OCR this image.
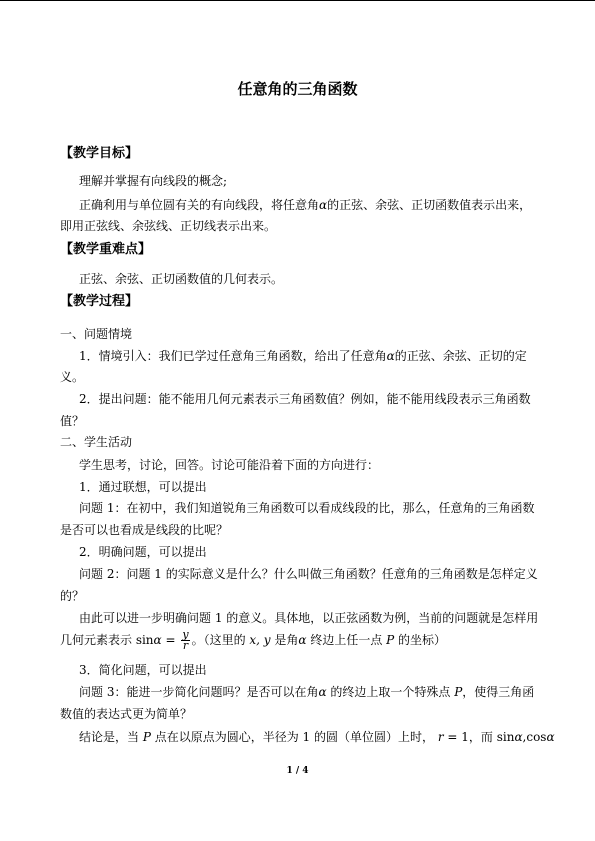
任意角的三角函数
【教学目标】
理解并掌握有向线段的概念;
正确利用与单位圆有关的有向线段，将任意角α的正弦、余弦、正切函数值表示出来，
即用正弦线、余弦线、正切线表示出来。
【教学重难点】
正弦、余弦、正切函数值的几何表示。
【教学过程】
一、问题情境
1．情境引入：我们已学过任意角三角函数，给出了任意角α的正弦、余弦、正切的定
义。
2．提出问题：能不能用几何元素表示三角函数值？例如，能不能用线段表示三角函数
值？
二、学生活动
学生思考，讨论，回答。讨论可能沿着下面的方向进行：
1．通过联想，可以提出
问题 1：在初中，我们知道锐角三角函数可以看成线段的比，那么，任意角的三角函数
是否可以也看成是线段的比呢？
2．明确问题，可以提出
问题 2：问题 1 的实际意义是什么？什么叫做三角函数？任意角的三角函数是怎样定义
的？
由此可以进一步明确问题 1 的意义。具体地，以正弦函数为例，当前的问题就是怎样用
几何元素表示 $\sin\alpha = \frac{y}{r}$ 。（这里的 x, y 是角α 终边上任一点 P 的坐标）
3．简化问题，可以提出
问题 3：能进一步简化问题吗？是否可以在角α 的终边上取一个特殊点 P，使得三角函
数值的表达式更为简单？
结论是，当 P 点在以原点为圆心，半径为 1 的圆（单位圆）上时， r = 1，而 sinα,cosα
1 / 4
